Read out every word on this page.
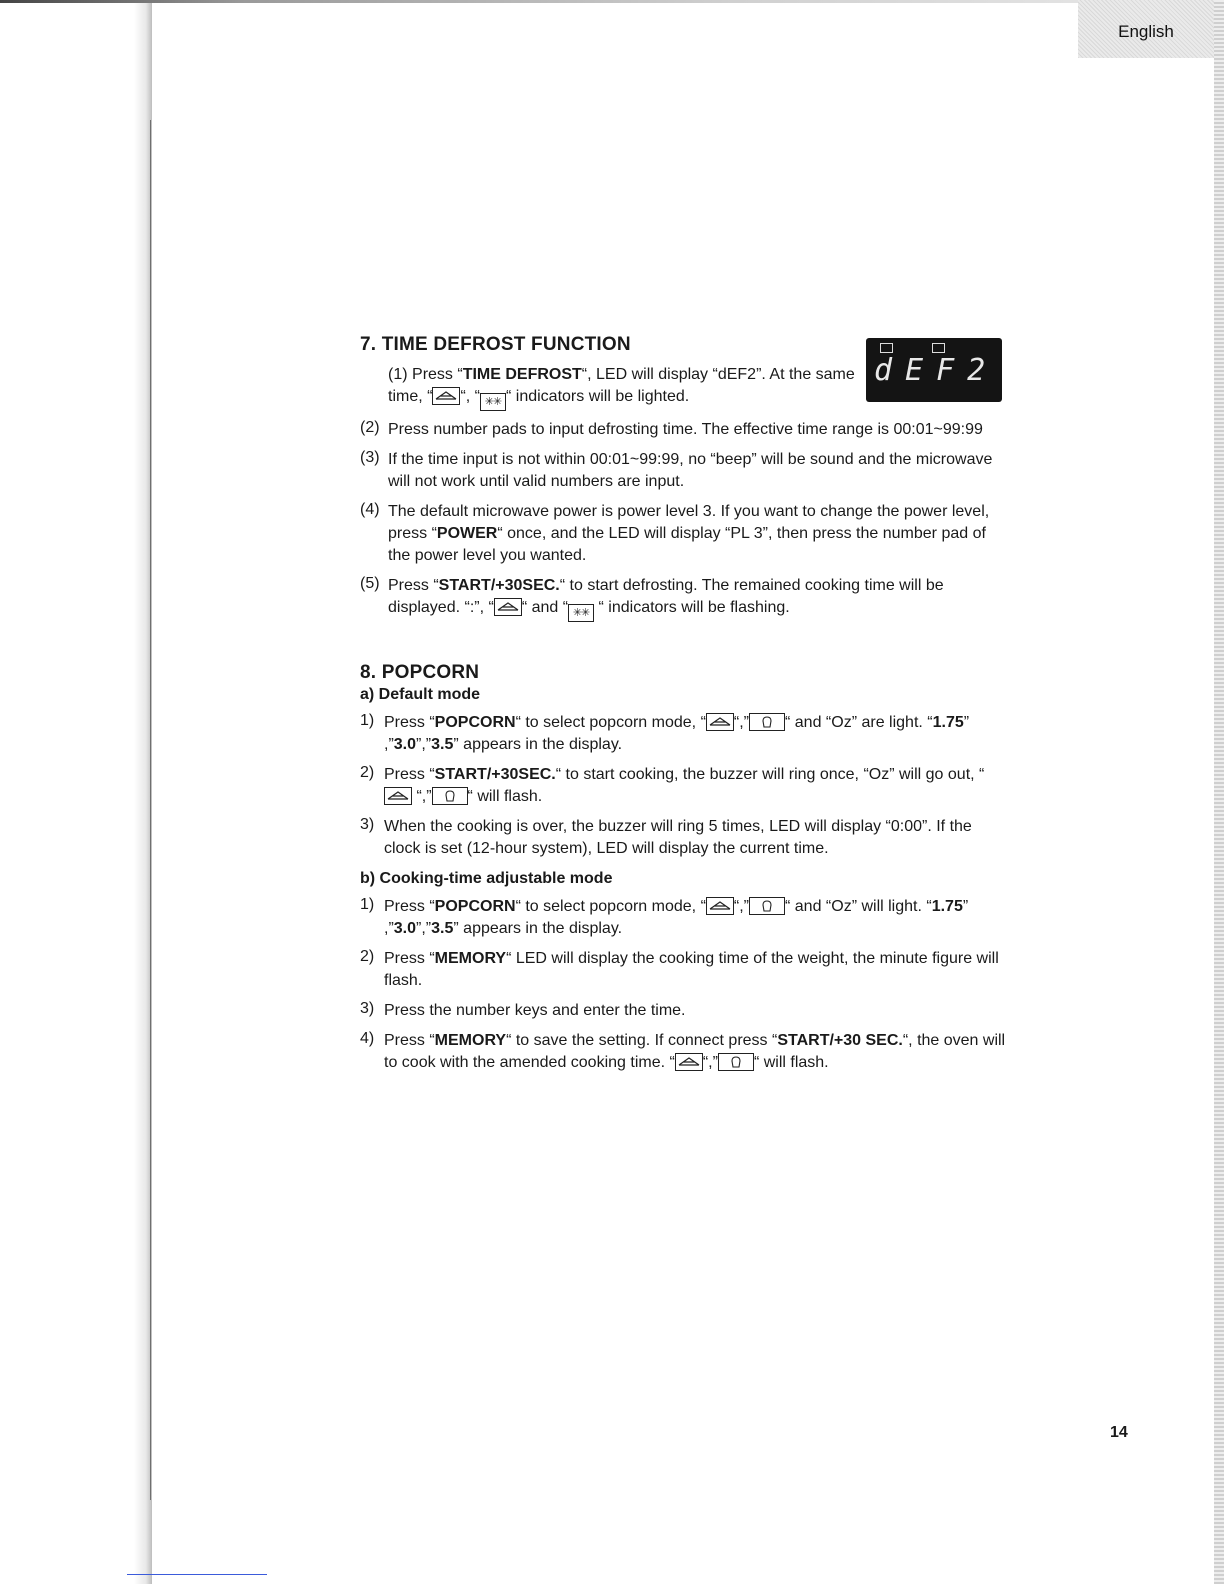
English
dEF2
7. TIME DEFROST FUNCTION

(1) Press “TIME DEFROST“, LED will display “dEF2”. At the same time, “ “, “ ✳✳ “ indicators will be lighted.

(2) Press number pads to input defrosting time. The effective time range is 00:01~99:99

(3) If the time input is not within 00:01~99:99, no “beep” will be sound and the microwave will not work until valid numbers are input.

(4) The default microwave power is power level 3. If you want to change the power level, press “POWER“ once, and the LED will display “PL 3”, then press the number pad of the power level you wanted.

(5) Press “START/+30SEC.“ to start defrosting. The remained cooking time will be displayed. “:”, “ “ and “ ✳✳ “ indicators will be flashing.

8. POPCORN
a) Default mode
1) Press “POPCORN“ to select popcorn mode, “ “,” “ and “Oz” are light. “1.75” ,”3.0”,”3.5” appears in the display.

2) Press “START/+30SEC.“ to start cooking, the buzzer will ring once, “Oz” will go out, “
“,” “ will flash.

3) When the cooking is over, the buzzer will ring 5 times, LED will display “0:00”. If the clock is set (12-hour system), LED will display the current time.

b) Cooking-time adjustable mode
1) Press “POPCORN“ to select popcorn mode, “ “,” “ and “Oz” will light. “1.75” ,”3.0”,”3.5” appears in the display.

2) Press “MEMORY“ LED will display the cooking time of the weight, the minute figure will flash.

3) Press the number keys and enter the time.

4) Press “MEMORY“ to save the setting. If connect press “START/+30 SEC.“, the oven will to cook with the amended cooking time. “ “,” “ will flash.

14
